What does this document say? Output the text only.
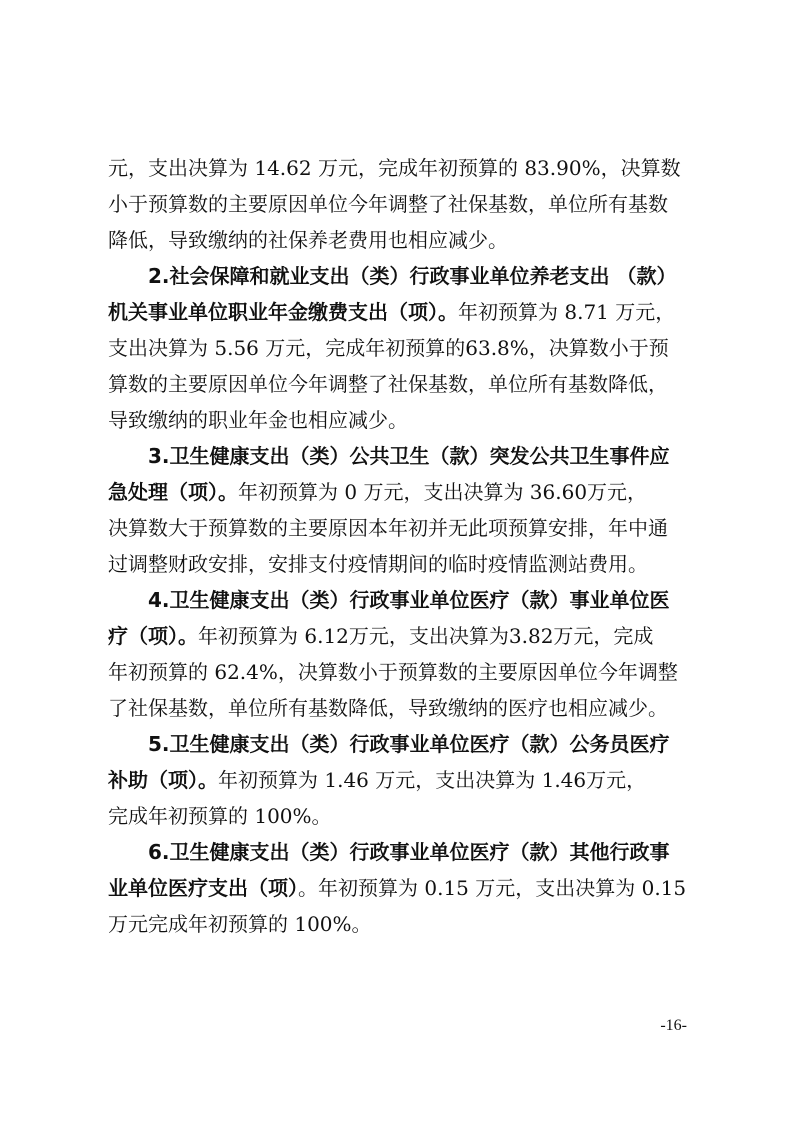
元，支出决算为 14.62 万元，完成年初预算的 83.90%，决算数
小于预算数的主要原因单位今年调整了社保基数，单位所有基数
降低，导致缴纳的社保养老费用也相应减少。
2.社会保障和就业支出（类）行政事业单位养老支出 （款）
机关事业单位职业年金缴费支出（项）。年初预算为 8.71 万元，
支出决算为 5.56 万元，完成年初预算的63.8%，决算数小于预
算数的主要原因单位今年调整了社保基数，单位所有基数降低，
导致缴纳的职业年金也相应减少。
3.卫生健康支出（类）公共卫生（款）突发公共卫生事件应
急处理（项）。年初预算为 0 万元，支出决算为 36.60万元，
决算数大于预算数的主要原因本年初并无此项预算安排，年中通
过调整财政安排，安排支付疫情期间的临时疫情监测站费用。
4.卫生健康支出（类）行政事业单位医疗（款）事业单位医
疗（项）。年初预算为 6.12万元，支出决算为3.82万元，完成
年初预算的 62.4%，决算数小于预算数的主要原因单位今年调整
了社保基数，单位所有基数降低，导致缴纳的医疗也相应减少。
5.卫生健康支出（类）行政事业单位医疗（款）公务员医疗
补助（项）。年初预算为 1.46 万元，支出决算为 1.46万元，
完成年初预算的 100%。
6.卫生健康支出（类）行政事业单位医疗（款）其他行政事
业单位医疗支出（项）。年初预算为 0.15 万元，支出决算为 0.15
万元完成年初预算的 100%。
-16-
